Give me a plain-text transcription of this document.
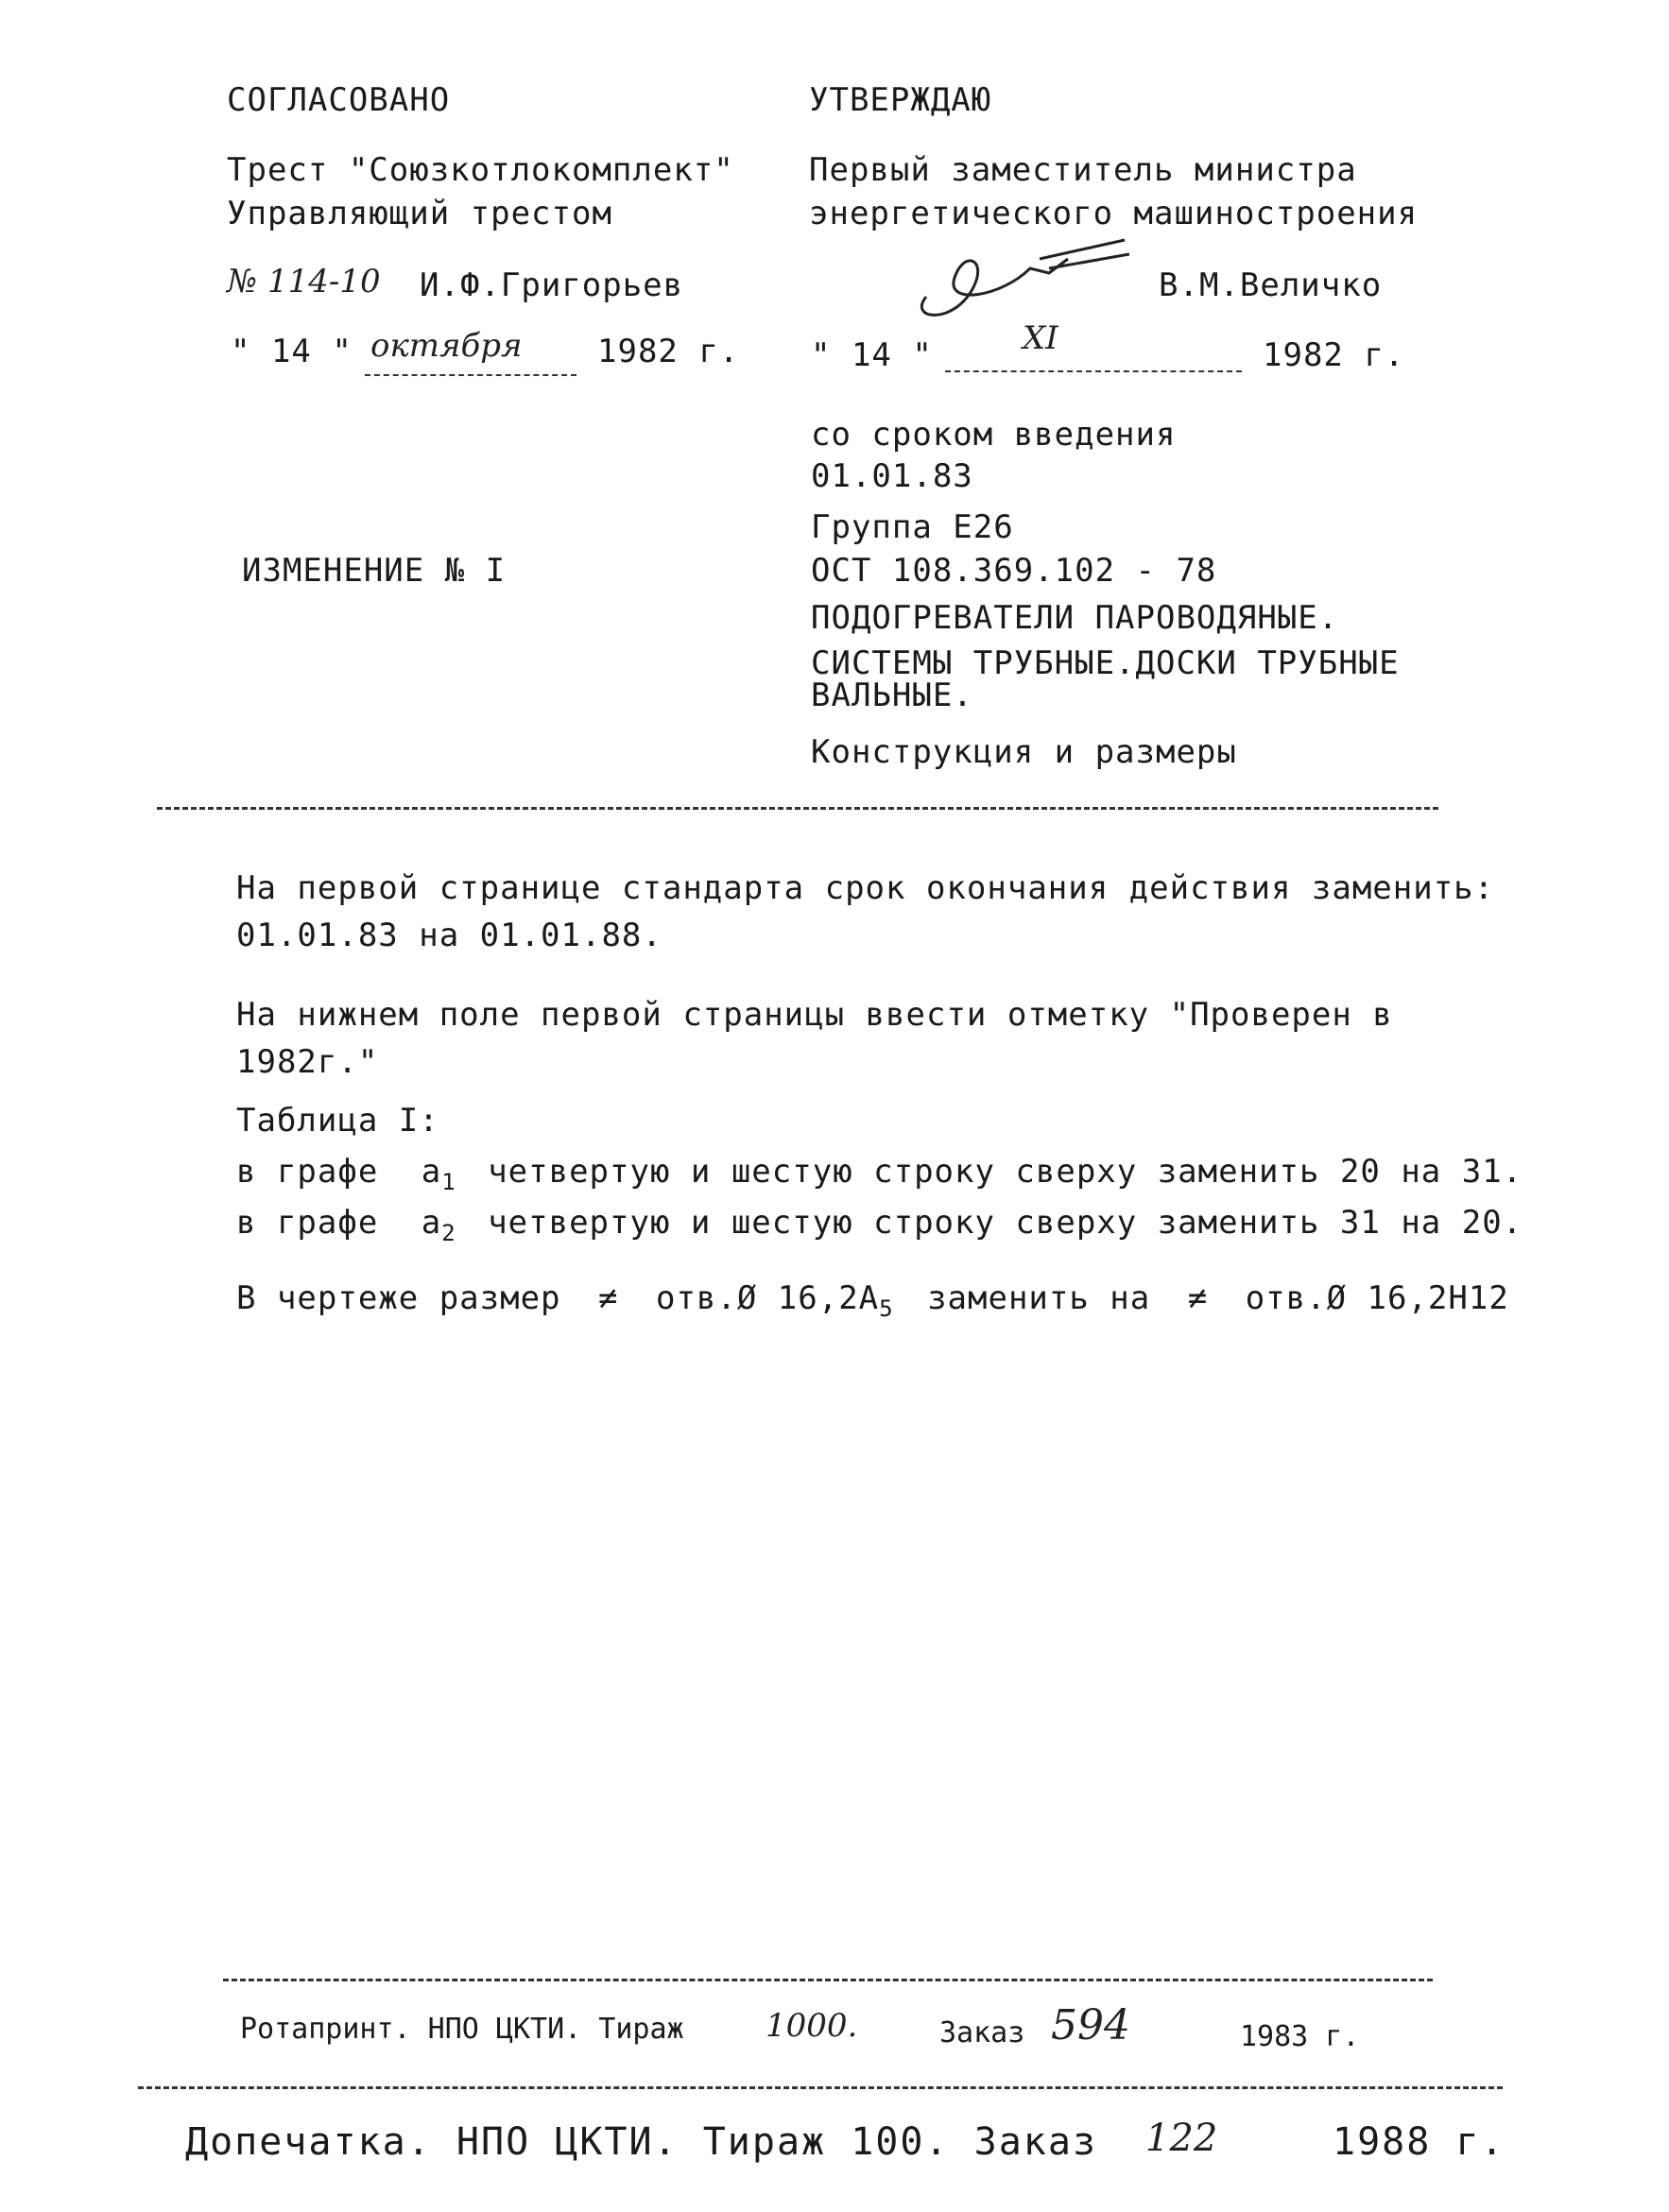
СОГЛАСОВАНО
Трест "Союзкотлокомплект"
Управляющий трестом
№ 114-10 И.Ф.Григорьев
" 14 " октября 1982 г.
УТВЕРЖДАЮ
Первый заместитель министра
энергетического машиностроения
В.М.Величко
" 14 "	XI	1982 г.
со сроком введения
01.01.83
Группа Е26
ИЗМЕНЕНИЕ № I	ОСТ 108.369.102 - 78
ПОДОГРЕВАТЕЛИ ПАРОВОДЯНЫЕ.
СИСТЕМЫ ТРУБНЫЕ.ДОСКИ ТРУБНЫЕ
ВАЛЬНЫЕ.
Конструкция и размеры
На первой странице стандарта срок окончания действия заменить:
01.01.83 на 01.01.88.
На нижнем поле первой страницы ввести отметку "Проверен в
1982г."
Таблица I:
в графе $a_1$ четвертую и шестую строку сверху заменить 20 на 31.
в графе $a_2$ четвертую и шестую строку сверху заменить 31 на 20.
В чертеже размер ≠ отв.Ø $16,2A_5$ заменить на ≠ отв.Ø 16,2H12
Ротапринт. НПО ЦКТИ. Тираж	1000.	Заказ 594	1983 г.
Допечатка. НПО ЦКТИ. Тираж 100. Заказ 122	1988 г.
